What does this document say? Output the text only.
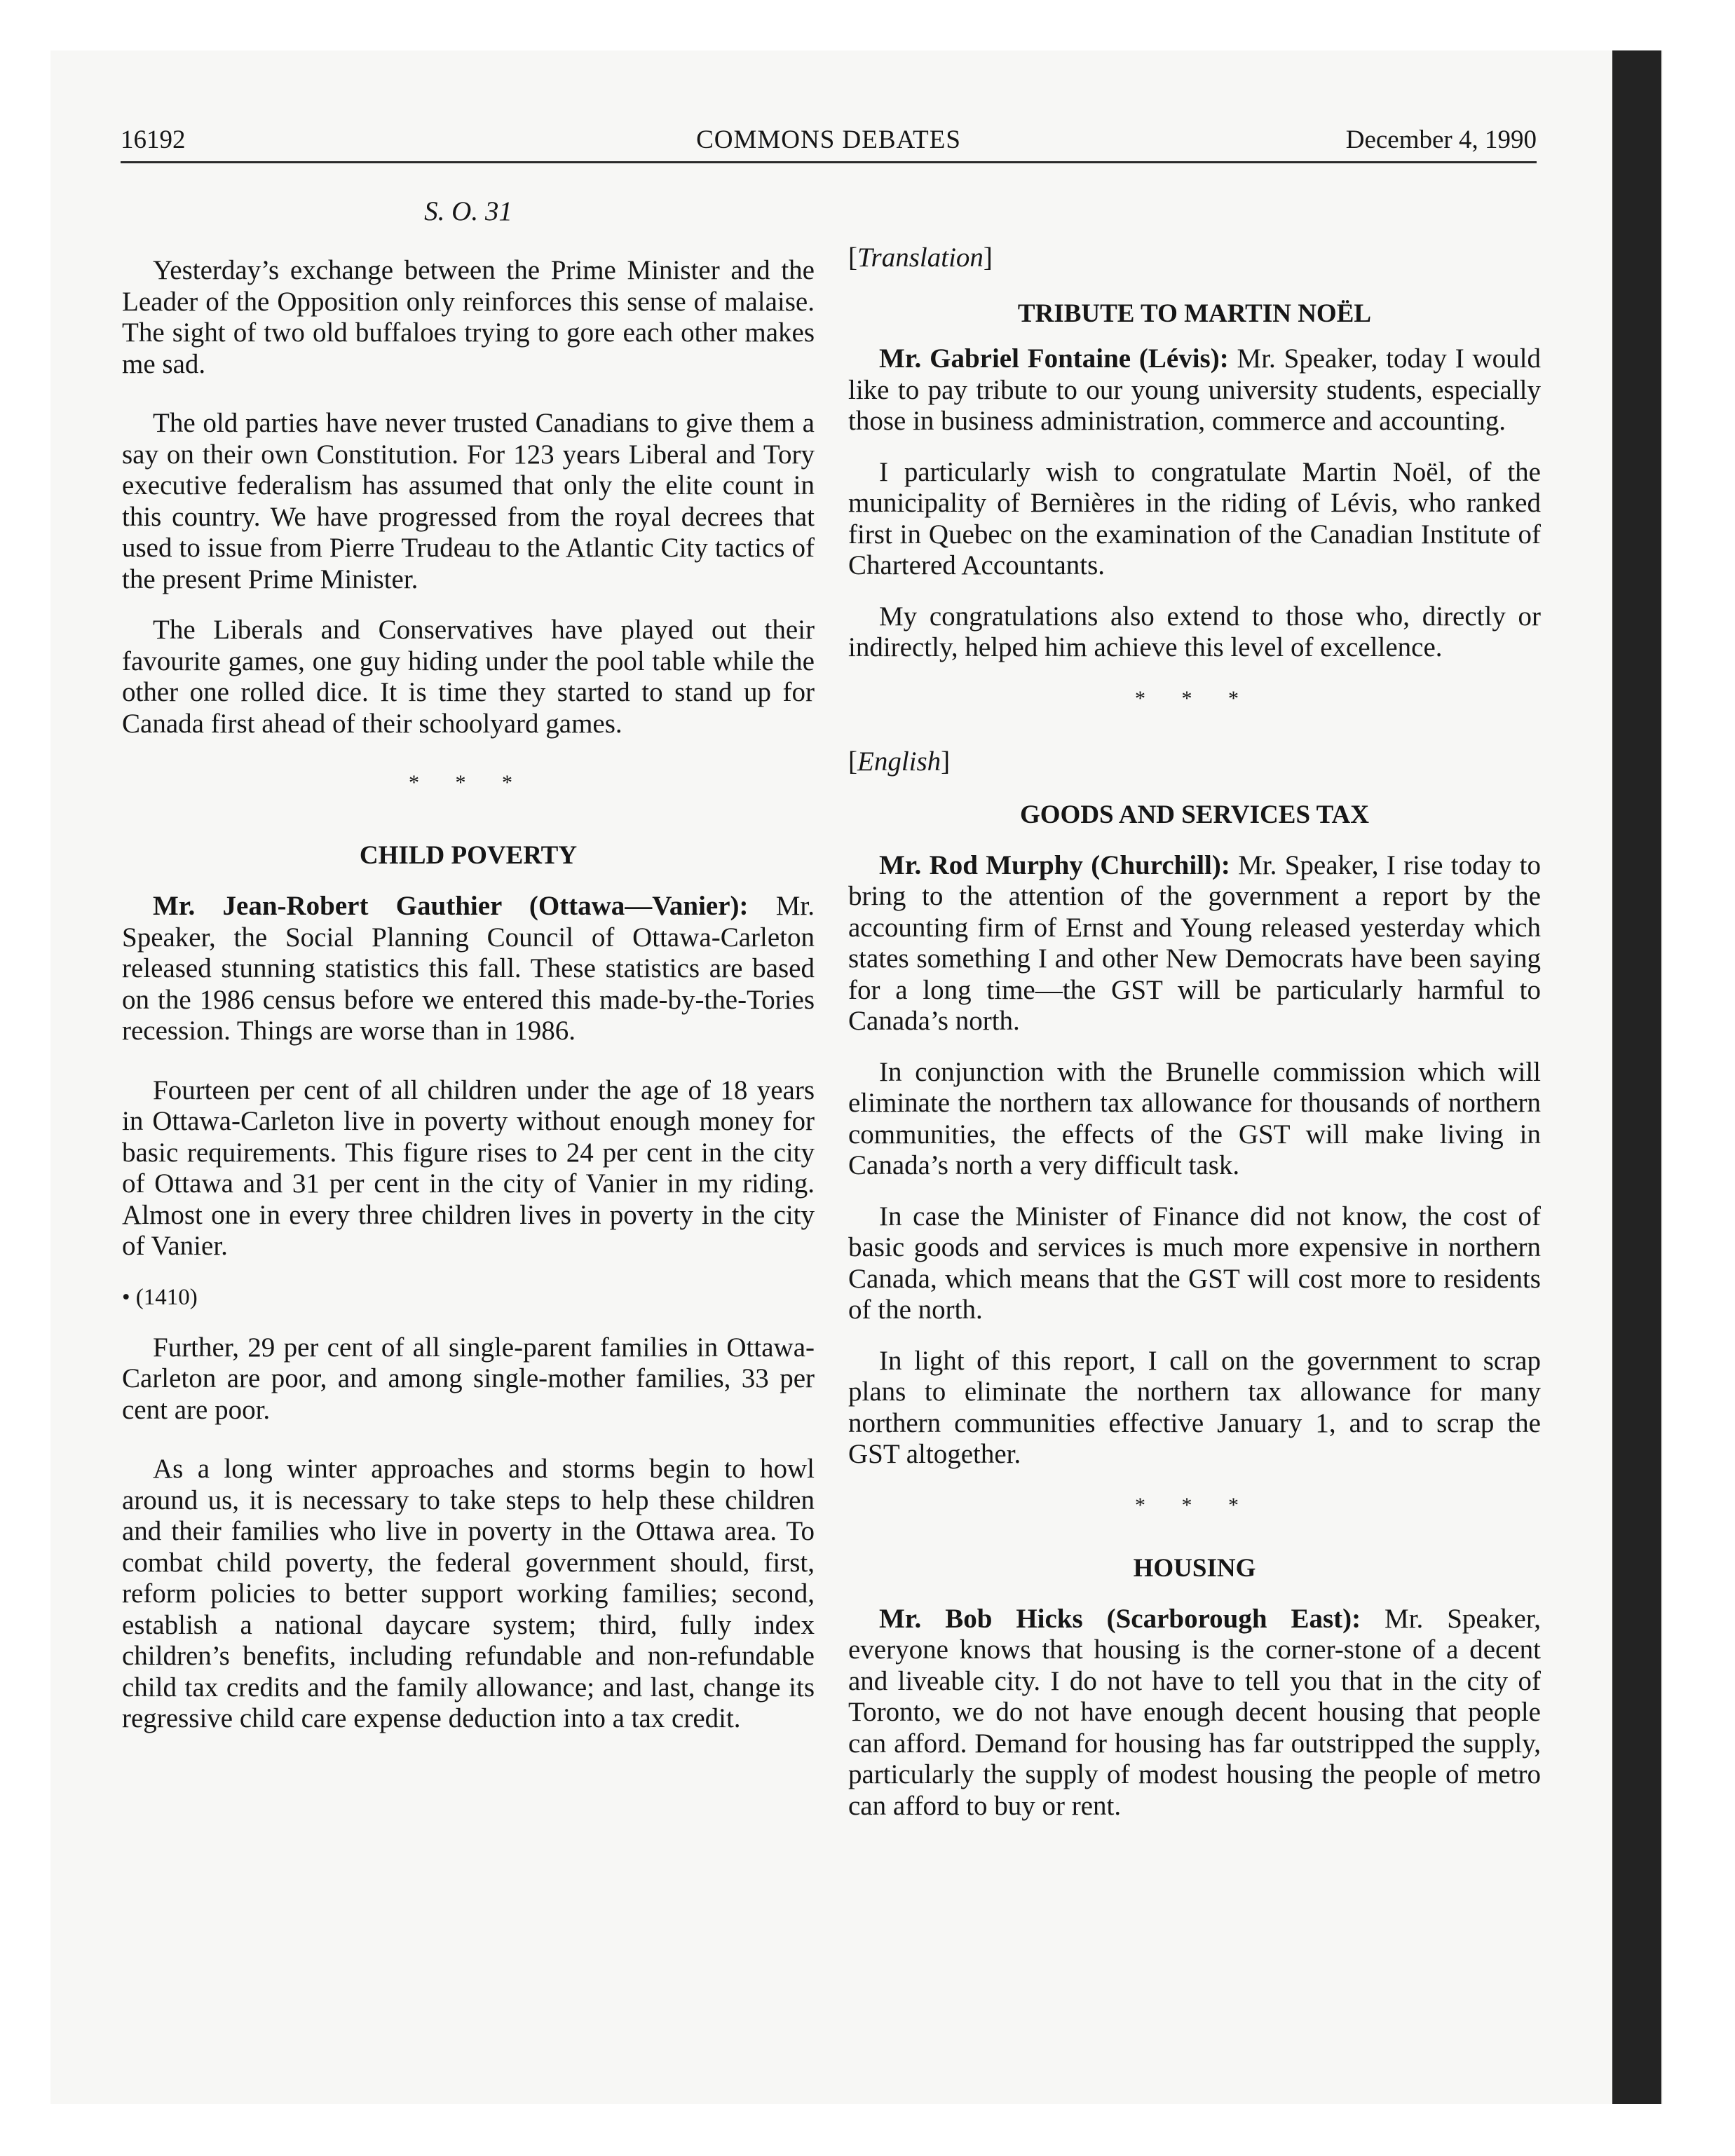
16192	COMMONS DEBATES	December 4, 1990
S. O. 31

Yesterday’s exchange between the Prime Minister and the Leader of the Opposition only reinforces this sense of malaise. The sight of two old buffaloes trying to gore each other makes me sad.

The old parties have never trusted Canadians to give them a say on their own Constitution. For 123 years Liberal and Tory executive federalism has assumed that only the elite count in this country. We have progressed from the royal decrees that used to issue from Pierre Trudeau to the Atlantic City tactics of the present Prime Minister.

The Liberals and Conservatives have played out their favourite games, one guy hiding under the pool table while the other one rolled dice. It is time they started to stand up for Canada first ahead of their schoolyard games.

* * *
CHILD POVERTY

Mr. Jean-Robert Gauthier (Ottawa—Vanier): Mr. Speaker, the Social Planning Council of Ottawa-Carleton released stunning statistics this fall. These statistics are based on the 1986 census before we entered this made-by-the-Tories recession. Things are worse than in 1986.

Fourteen per cent of all children under the age of 18 years in Ottawa-Carleton live in poverty without enough money for basic requirements. This figure rises to 24 per cent in the city of Ottawa and 31 per cent in the city of Vanier in my riding. Almost one in every three children lives in poverty in the city of Vanier.

• (1410)

Further, 29 per cent of all single-parent families in Ottawa-Carleton are poor, and among single-mother families, 33 per cent are poor.

As a long winter approaches and storms begin to howl around us, it is necessary to take steps to help these children and their families who live in poverty in the Ottawa area. To combat child poverty, the federal government should, first, reform policies to better support working families; second, establish a national daycare system; third, fully index children’s benefits, including refundable and non-refundable child tax credits and the family allowance; and last, change its regressive child care expense deduction into a tax credit.

[Translation]
TRIBUTE TO MARTIN NOËL

Mr. Gabriel Fontaine (Lévis): Mr. Speaker, today I would like to pay tribute to our young university students, especially those in business administration, commerce and accounting.

I particularly wish to congratulate Martin Noël, of the municipality of Bernières in the riding of Lévis, who ranked first in Quebec on the examination of the Canadian Institute of Chartered Accountants.

My congratulations also extend to those who, directly or indirectly, helped him achieve this level of excellence.

* * *
[English]
GOODS AND SERVICES TAX

Mr. Rod Murphy (Churchill): Mr. Speaker, I rise today to bring to the attention of the government a report by the accounting firm of Ernst and Young released yesterday which states something I and other New Democrats have been saying for a long time—the GST will be particularly harmful to Canada’s north.

In conjunction with the Brunelle commission which will eliminate the northern tax allowance for thousands of northern communities, the effects of the GST will make living in Canada’s north a very difficult task.

In case the Minister of Finance did not know, the cost of basic goods and services is much more expensive in northern Canada, which means that the GST will cost more to residents of the north.

In light of this report, I call on the government to scrap plans to eliminate the northern tax allowance for many northern communities effective January 1, and to scrap the GST altogether.

* * *
HOUSING

Mr. Bob Hicks (Scarborough East): Mr. Speaker, everyone knows that housing is the corner-stone of a decent and liveable city. I do not have to tell you that in the city of Toronto, we do not have enough decent housing that people can afford. Demand for housing has far outstripped the supply, particularly the supply of modest housing the people of metro can afford to buy or rent.
